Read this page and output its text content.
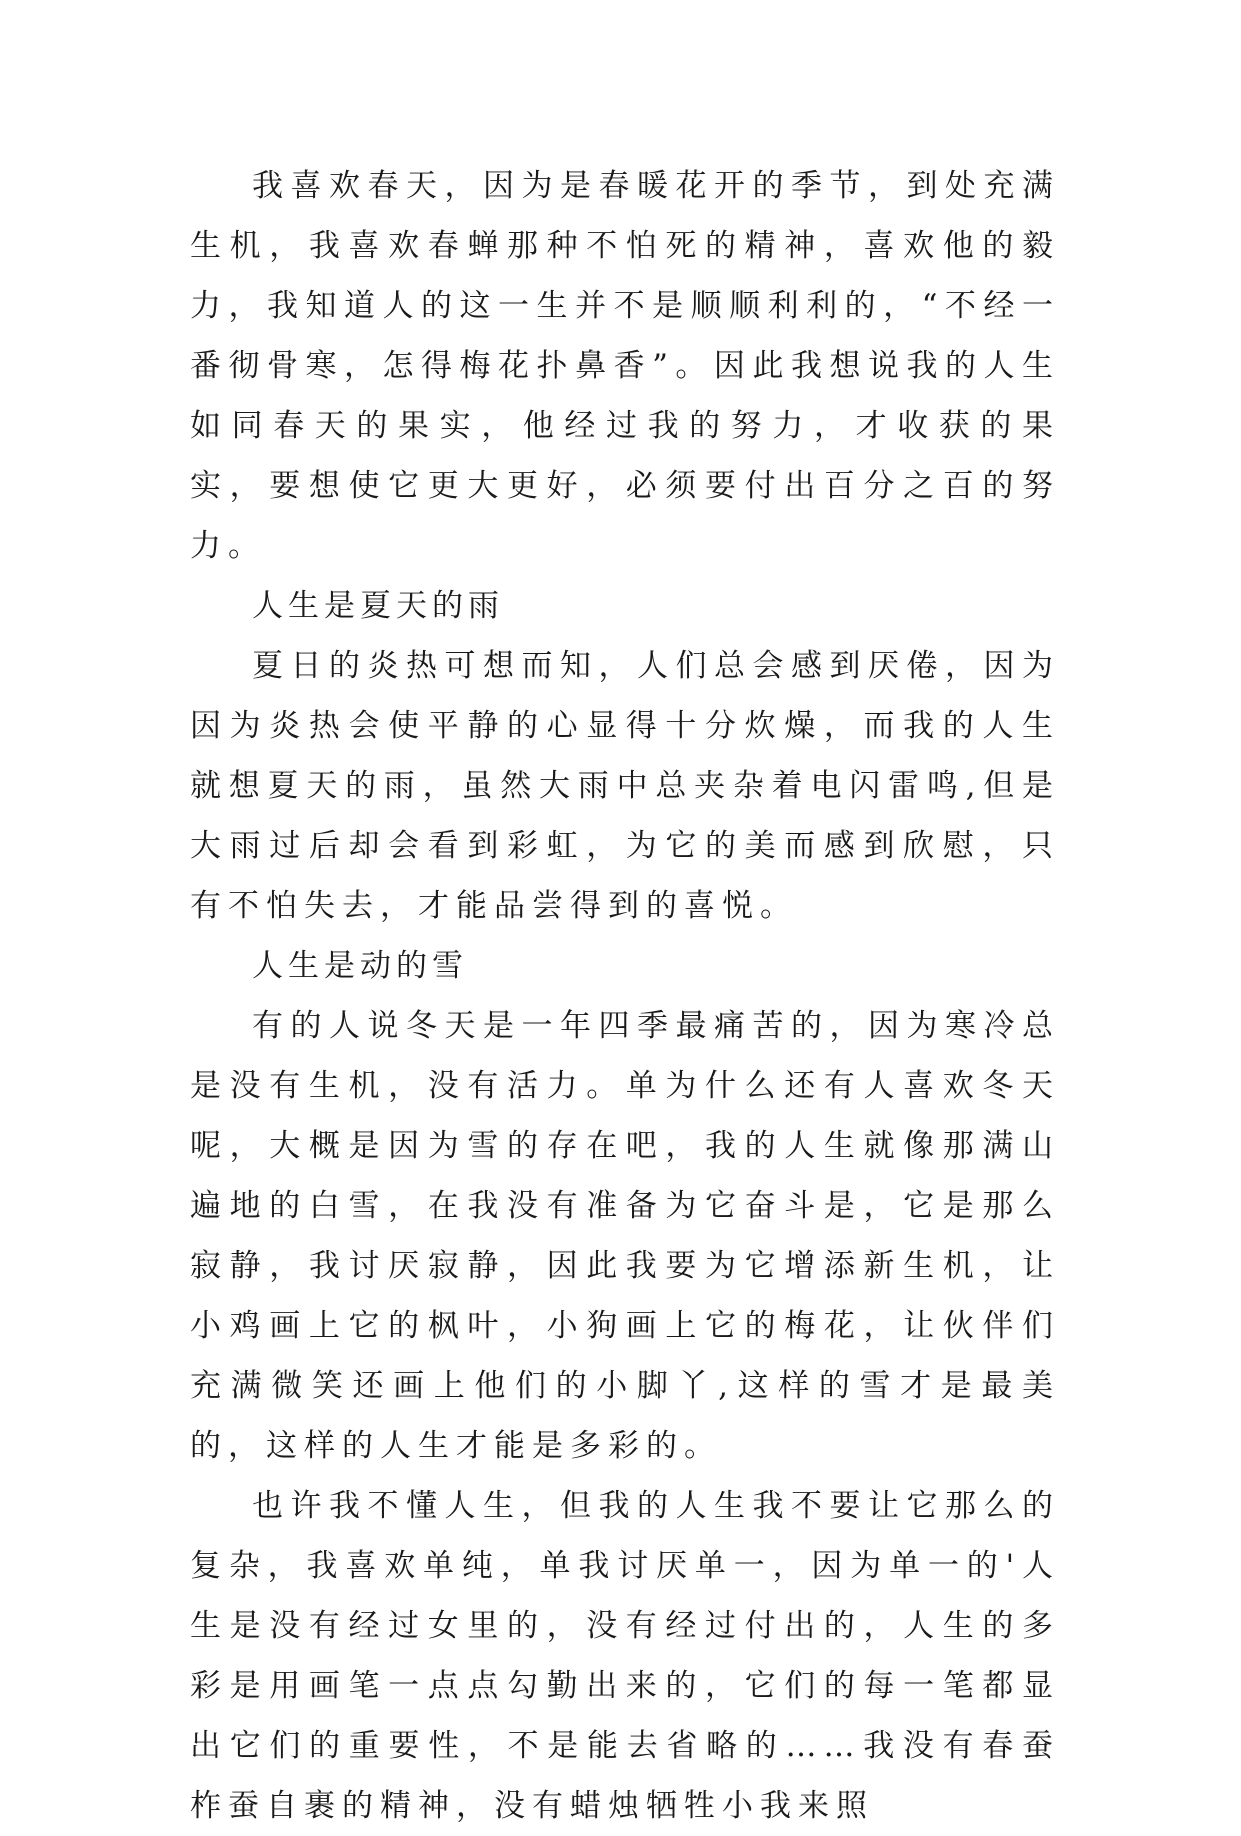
我喜欢春天，因为是春暖花开的季节，到处充满生机，我喜欢春蝉那种不怕死的精神，喜欢他的毅力，我知道人的这一生并不是顺顺利利的，“不经一番彻骨寒，怎得梅花扑鼻香”。因此我想说我的人生如同春天的果实，他经过我的努力，才收获的果实，要想使它更大更好，必须要付出百分之百的努力。

人生是夏天的雨

夏日的炎热可想而知，人们总会感到厌倦，因为因为炎热会使平静的心显得十分炊燥，而我的人生就想夏天的雨，虽然大雨中总夹杂着电闪雷鸣,但是大雨过后却会看到彩虹，为它的美而感到欣慰，只有不怕失去，才能品尝得到的喜悦。

人生是动的雪

有的人说冬天是一年四季最痛苦的，因为寒冷总是没有生机，没有活力。单为什么还有人喜欢冬天呢，大概是因为雪的存在吧，我的人生就像那满山遍地的白雪，在我没有准备为它奋斗是，它是那么寂静，我讨厌寂静，因此我要为它增添新生机，让小鸡画上它的枫叶，小狗画上它的梅花，让伙伴们充满微笑还画上他们的小脚丫,这样的雪才是最美的，这样的人生才能是多彩的。

也许我不懂人生，但我的人生我不要让它那么的复杂，我喜欢单纯，单我讨厌单一，因为单一的'人生是没有经过女里的，没有经过付出的，人生的多彩是用画笔一点点勾勤出来的，它们的每一笔都显出它们的重要性，不是能去省略的……我没有春蚕柞蚕自裹的精神，没有蜡烛牺牲小我来照
